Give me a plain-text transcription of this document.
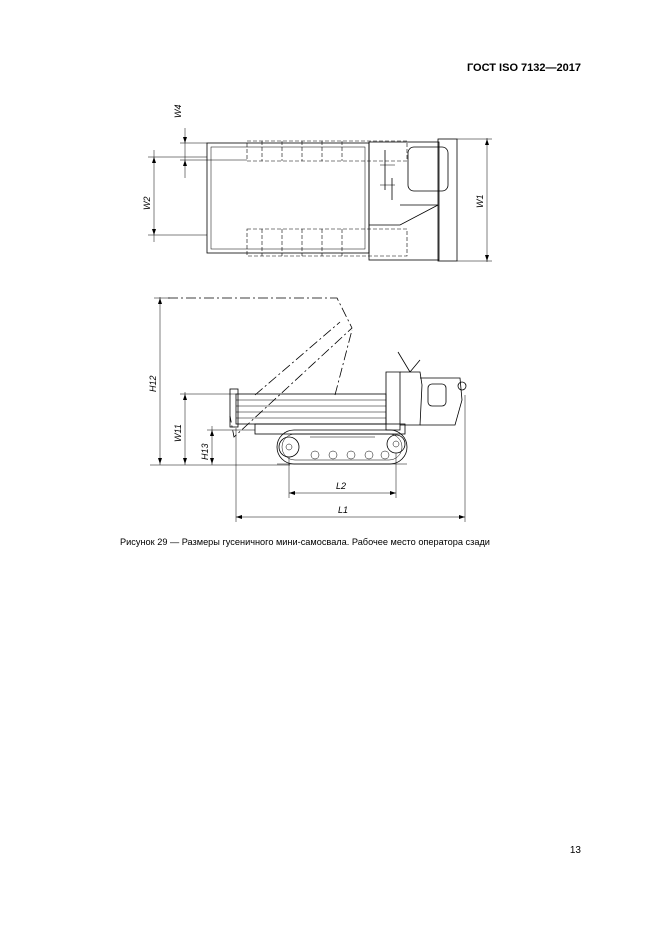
ГОСТ ISO 7132—2017
W4
W2	W1
H12
W11
H13
L2
L1
Рисунок 29 — Размеры гусеничного мини-самосвала. Рабочее место оператора сзади
13
